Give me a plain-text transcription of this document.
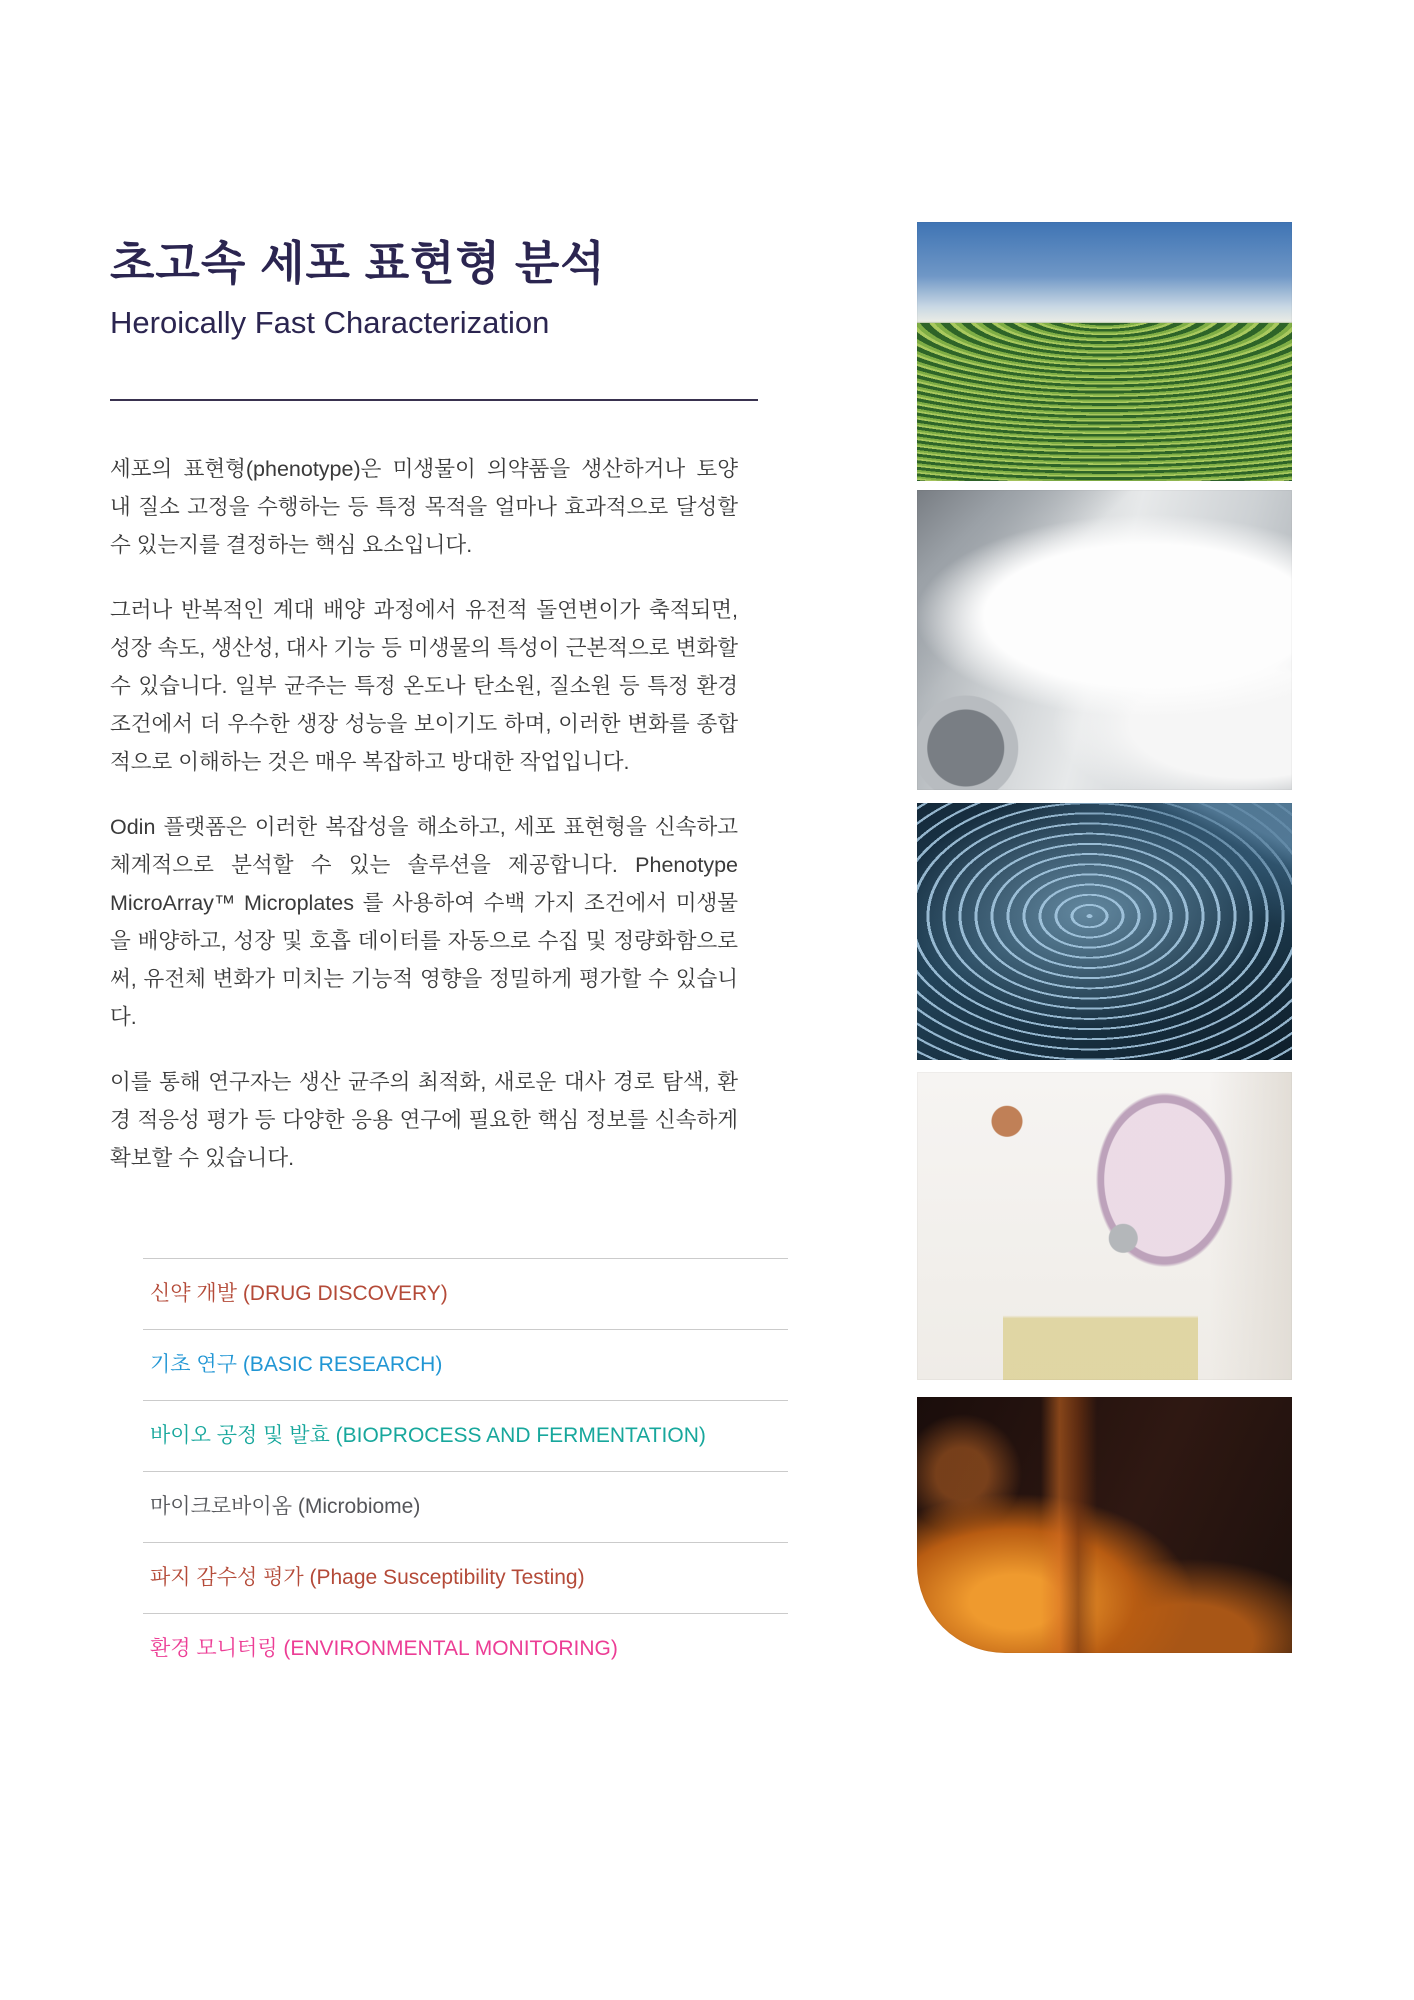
초고속 세포 표현형 분석
Heroically Fast Characterization

세포의 표현형(phenotype)은 미생물이 의약품을 생산하거나 토양 내 질소 고정을 수행하는 등 특정 목적을 얼마나 효과적으로 달성할 수 있는지를 결정하는 핵심 요소입니다.

그러나 반복적인 계대 배양 과정에서 유전적 돌연변이가 축적되면, 성장 속도, 생산성, 대사 기능 등 미생물의 특성이 근본적으로 변화할 수 있습니다. 일부 균주는 특정 온도나 탄소원, 질소원 등 특정 환경 조건에서 더 우수한 생장 성능을 보이기도 하며, 이러한 변화를 종합적으로 이해하는 것은 매우 복잡하고 방대한 작업입니다.

Odin 플랫폼은 이러한 복잡성을 해소하고, 세포 표현형을 신속하고 체계적으로 분석할 수 있는 솔루션을 제공합니다. Phenotype MicroArray™ Microplates 를 사용하여 수백 가지 조건에서 미생물을 배양하고, 성장 및 호흡 데이터를 자동으로 수집 및 정량화함으로써, 유전체 변화가 미치는 기능적 영향을 정밀하게 평가할 수 있습니다.

이를 통해 연구자는 생산 균주의 최적화, 새로운 대사 경로 탐색, 환경 적응성 평가 등 다양한 응용 연구에 필요한 핵심 정보를 신속하게 확보할 수 있습니다.

신약 개발 (DRUG DISCOVERY)
기초 연구 (BASIC RESEARCH)
바이오 공정 및 발효 (BIOPROCESS AND FERMENTATION)
마이크로바이옴 (Microbiome)
파지 감수성 평가 (Phage Susceptibility Testing)
환경 모니터링 (ENVIRONMENTAL MONITORING)
